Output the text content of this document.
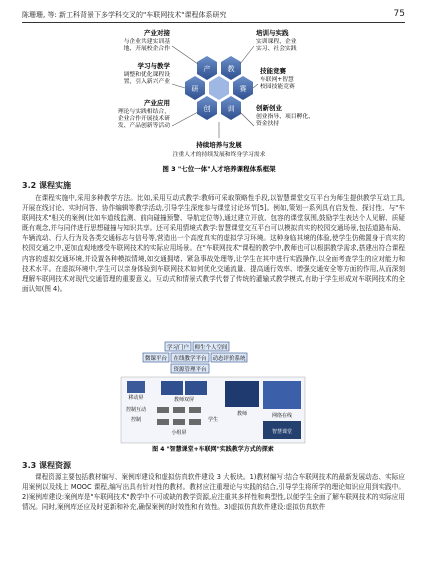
陈珊珊, 等: 新工科背景下多学科交叉的"车联网技术"课程体系研究	75
产 教
研
创
赛
训
产业对接
与企业共建实训基地、开展校企合作
学习与教学
调整和优化课程设置，引入新兴产业
产业应用
理论与实践相结合，企业合作开展技术研发、产品创新等活动
培训与实践
实训课程、企业实习、社会实践
技能竞赛
车联网+智慧校园技能竞赛
创新创业
创业指导、项目孵化、资金扶持
持续培养与发展
注重人才的持续发展和终身学习需求
图 3 "七位一体"人才培养课程体系框架
3.2 课程实施

在课程实施中,采用多种教学方法。比如,采用互动式教学:教师可采取策略性手段,以智慧课堂交互平台为师生提供教学互动工具,开展在线讨论、实时问答、协作编辑等教学活动,引导学生深度参与课堂讨论环节[5]。例如,策划一系列具有启发性、探讨性、与"车联网技术"相关的案例(比如车道线监测、前向碰撞预警、导航定位等),通过建立开放、包容的课堂氛围,鼓励学生表达个人见解、质疑既有观念,并与同伴进行思想碰撞与知识共享。还可采用情境式教学:智慧课堂交互平台可以模拟真实的校园交通场景,包括道路布局、车辆流动、行人行为及各类交通标志与信号等,营造出一个高度真实的虚拟学习环境。这种身临其境的体验,使学生仿佛置身于真实的校园交通之中,更加直观地感受车联网技术的实际应用场景。在"车联网技术"课程的教学中,教师也可以根据教学需求,搭建出符合课程内容的虚拟交通环境,并设置各种模拟情境,如交通拥堵、紧急事故处理等,让学生在其中进行实践操作,以全面考查学生的应对能力和技术水平。在虚拟环境中,学生可以亲身体验到车联网技术如何优化交通流量、提高通行效率、增强交通安全等方面的作用,从而深刻理解车联网技术对现代交通管理的重要意义。互动式和情景式教学代替了传统的灌输式教学模式,有助于学生形成对车联网技术的全面认知(图 4)。

学习门户 师生个人空间
微课平台 在线教学平台 动态评价系统
资源管理平台
移动屏
控制互动
控制
教师双屏
小组屏
学生
教师	网络在线
智慧课堂
图 4 "智慧课堂+车联网"实践教学方式的探索
3.3 课程资源

课程资源主要包括教材编写、案例库建设和虚拟仿真软件建设 3 大板块。1)教材编写:结合车联网技术的最新发展动态、实际应用案例以及线上 MOOC 课程,编写出具有针对性的教材。教材应注重理论与实践的结合,引导学生将所学的理论知识应用到实践中。2)案例库建设:案例库是"车联网技术"教学中不可或缺的教学资源,应注重其多样性和典型性,以便学生全面了解车联网技术的实际应用情况。同时,案例库还应及时更新和补充,确保案例的时效性和有效性。3)虚拟仿真软件建设:虚拟仿真软件
